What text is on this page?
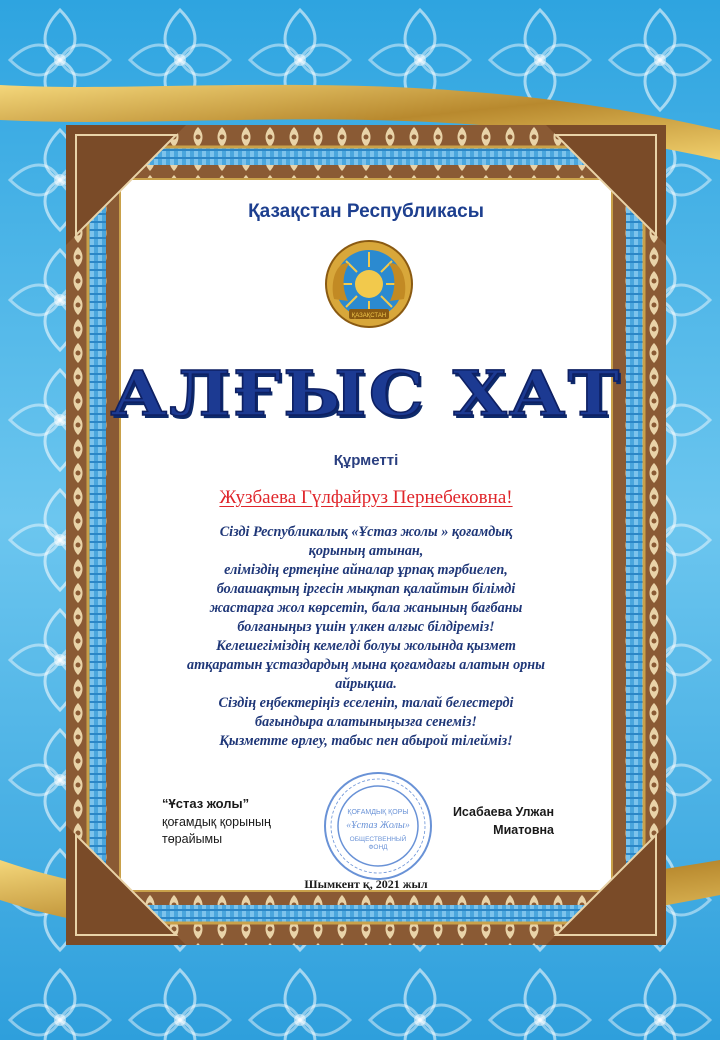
Қазақстан Республикасы
ҚАЗАҚСТАН
АЛҒЫС ХАТ
Құрметті
Жузбаева Гүлфайруз Пернебековна!

Сізді Республикалық «Ұстаз жолы » қоғамдық

қорының атынан,

еліміздің ертеңіне айналар ұрпақ тәрбиелеп,

болашақтың іргесін мықтап қалайтын білімді

жастарға жол көрсетіп, бала жанының бағбаны

болғаныңыз үшін үлкен алғыс білдіреміз!

Келешегіміздің кемелді болуы жолында қызмет

атқаратын ұстаздардың мына қоғамдағы алатын орны

айрықша.

Сіздің еңбектеріңіз еселеніп, талай белестерді

бағындыра алатыныңызға сенеміз!

Қызметте өрлеу, табыс пен абырой тілейміз!

“Ұстаз жолы”
қоғамдық қорының
төрайымы
ҚОҒАМДЫҚ ҚОРЫ
«Ұстаз Жолы»
ОБЩЕСТВЕННЫЙ
ФОНД
Исабаева Улжан
Миатовна
Шымкент қ, 2021 жыл
